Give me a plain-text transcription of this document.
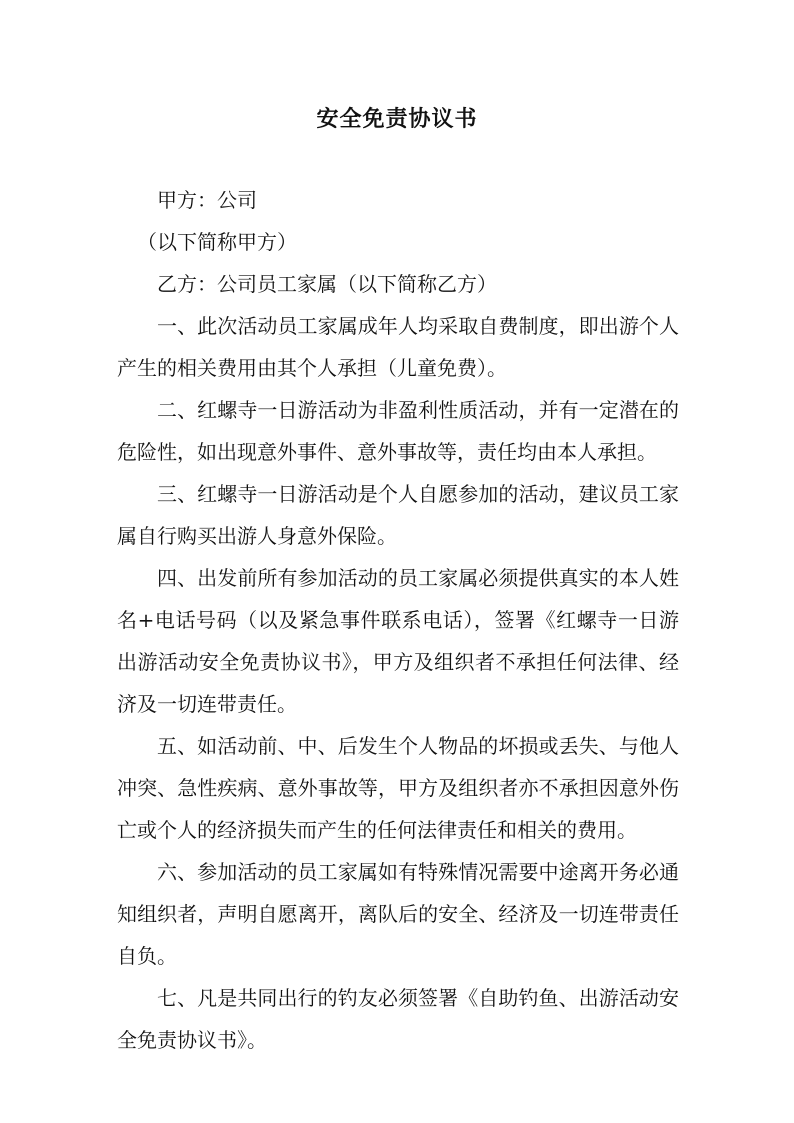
安全免责协议书

甲方：公司

（以下简称甲方）

乙方：公司员工家属（以下简称乙方）

一、此次活动员工家属成年人均采取自费制度，即出游个人产生的相关费用由其个人承担（儿童免费）。

二、红螺寺一日游活动为非盈利性质活动，并有一定潜在的危险性，如出现意外事件、意外事故等，责任均由本人承担。

三、红螺寺一日游活动是个人自愿参加的活动，建议员工家属自行购买出游人身意外保险。

四、出发前所有参加活动的员工家属必须提供真实的本人姓名+电话号码（以及紧急事件联系电话），签署《红螺寺一日游出游活动安全免责协议书》，甲方及组织者不承担任何法律、经济及一切连带责任。

五、如活动前、中、后发生个人物品的坏损或丢失、与他人冲突、急性疾病、意外事故等，甲方及组织者亦不承担因意外伤亡或个人的经济损失而产生的任何法律责任和相关的费用。

六、参加活动的员工家属如有特殊情况需要中途离开务必通知组织者，声明自愿离开，离队后的安全、经济及一切连带责任自负。

七、凡是共同出行的钓友必须签署《自助钓鱼、出游活动安全免责协议书》。
